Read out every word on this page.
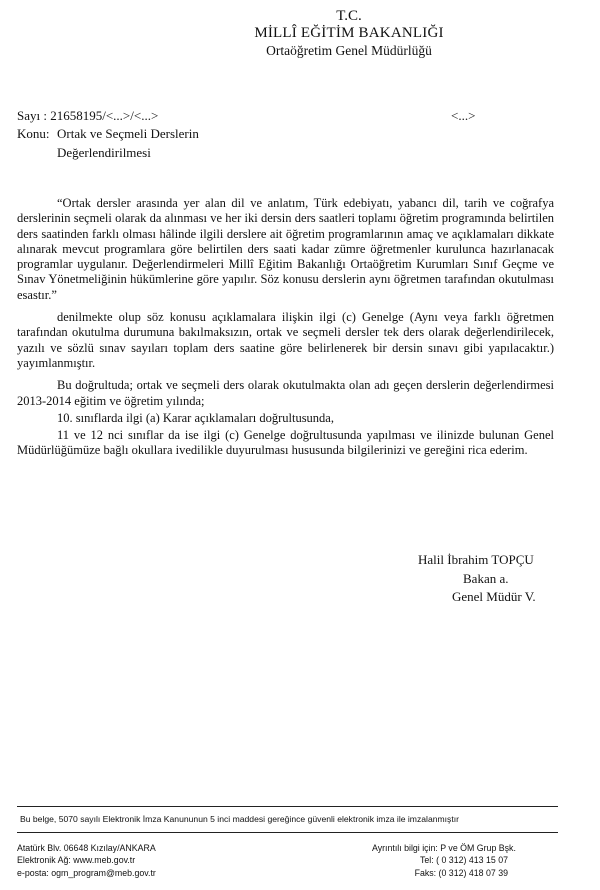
T.C.
MİLLÎ EĞİTİM BAKANLIĞI
Ortaöğretim Genel Müdürlüğü
Sayı : 21658195/<...>/<...>	<...>
Konu: Ortak ve Seçmeli Derslerin
Değerlendirilmesi

“Ortak dersler arasında yer alan dil ve anlatım, Türk edebiyatı, yabancı dil, tarih ve coğrafya derslerinin seçmeli olarak da alınması ve her iki dersin ders saatleri toplamı öğretim programında belirtilen ders saatinden farklı olması hâlinde ilgili derslere ait öğretim programlarının amaç ve açıklamaları dikkate alınarak mevcut programlara göre belirtilen ders saati kadar zümre öğretmenler kurulunca hazırlanacak programlar uygulanır. Değerlendirmeleri Millî Eğitim Bakanlığı Ortaöğretim Kurumları Sınıf Geçme ve Sınav Yönetmeliğinin hükümlerine göre yapılır. Söz konusu derslerin aynı öğretmen tarafından okutulması esastır.”

denilmekte olup söz konusu açıklamalara ilişkin ilgi (c) Genelge (Aynı veya farklı öğretmen tarafından okutulma durumuna bakılmaksızın, ortak ve seçmeli dersler tek ders olarak değerlendirilecek, yazılı ve sözlü sınav sayıları toplam ders saatine göre belirlenerek bir dersin sınavı gibi yapılacaktır.) yayımlanmıştır.

Bu doğrultuda; ortak ve seçmeli ders olarak okutulmakta olan adı geçen derslerin değerlendirmesi 2013-2014 eğitim ve öğretim yılında;

10. sınıflarda ilgi (a) Karar açıklamaları doğrultusunda,

11 ve 12 nci sınıflar da ise ilgi (c) Genelge doğrultusunda yapılması ve ilinizde bulunan Genel Müdürlüğümüze bağlı okullara ivedilikle duyurulması hususunda bilgilerinizi ve gereğini rica ederim.

Halil İbrahim TOPÇU
Bakan a.
Genel Müdür V.
Bu belge, 5070 sayılı Elektronik İmza Kanununun 5 inci maddesi gereğince güvenli elektronik imza ile imzalanmıştır
Atatürk Blv. 06648 Kızılay/ANKARA
Elektronik Ağ: www.meb.gov.tr
e-posta: ogm_program@meb.gov.tr
Ayrıntılı bilgi için: P ve ÖM Grup Bşk.
Tel: ( 0 312) 413 15 07
Faks: (0 312) 418 07 39
